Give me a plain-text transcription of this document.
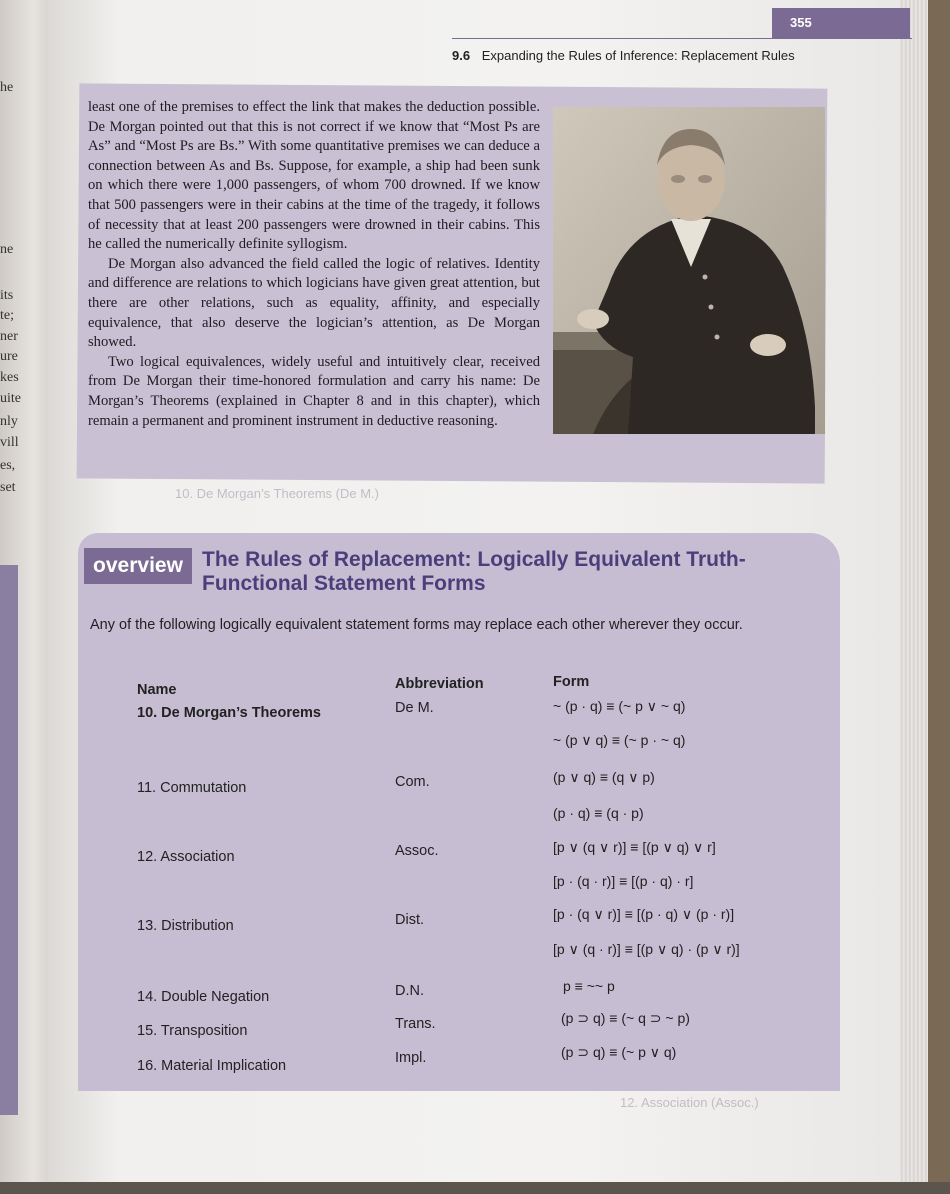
he
ne
its
te;
ner
ure
kes
uite
nly
vill
es,
set
355
9.6 Expanding the Rules of Inference: Replacement Rules

least one of the premises to effect the link that makes the deduction possible. De Morgan pointed out that this is not correct if we know that “Most Ps are As” and “Most Ps are Bs.” With some quantitative premises we can deduce a connection between As and Bs. Suppose, for example, a ship had been sunk on which there were 1,000 passengers, of whom 700 drowned. If we know that 500 passengers were in their cabins at the time of the tragedy, it follows of necessity that at least 200 passengers were drowned in their cabins. This he called the numerically definite syllogism.

De Morgan also advanced the field called the logic of relatives. Identity and difference are relations to which logicians have given great attention, but there are other relations, such as equality, affinity, and especially equivalence, that also deserve the logician’s attention, as De Morgan showed.

Two logical equivalences, widely useful and intuitively clear, received from De Morgan their time-honored formulation and carry his name: De Morgan’s Theorems (explained in Chapter 8 and in this chapter), which remain a permanent and prominent instrument in deductive reasoning.

10. De Morgan’s Theorems (De M.)
12. Association (Assoc.)
overview The Rules of Replacement: Logically Equivalent Truth-Functional Statement Forms
Any of the following logically equivalent statement forms may replace each other wherever they occur.
Name	Abbreviation	Form
10. De Morgan’s Theorems	De M.	~ (p · q) ≡ (~ p ∨ ~ q)
~ (p ∨ q) ≡ (~ p · ~ q)
11. Commutation	Com.	(p ∨ q) ≡ (q ∨ p)
(p · q) ≡ (q · p)
12. Association	Assoc.	[p ∨ (q ∨ r)] ≡ [(p ∨ q) ∨ r]
[p · (q · r)] ≡ [(p · q) · r]
13. Distribution	Dist.	[p · (q ∨ r)] ≡ [(p · q) ∨ (p · r)]
[p ∨ (q · r)] ≡ [(p ∨ q) · (p ∨ r)]
14. Double Negation	D.N.	p ≡ ~~ p
15. Transposition	Trans.	(p ⊃ q) ≡ (~ q ⊃ ~ p)
16. Material Implication	Impl.	(p ⊃ q) ≡ (~ p ∨ q)
